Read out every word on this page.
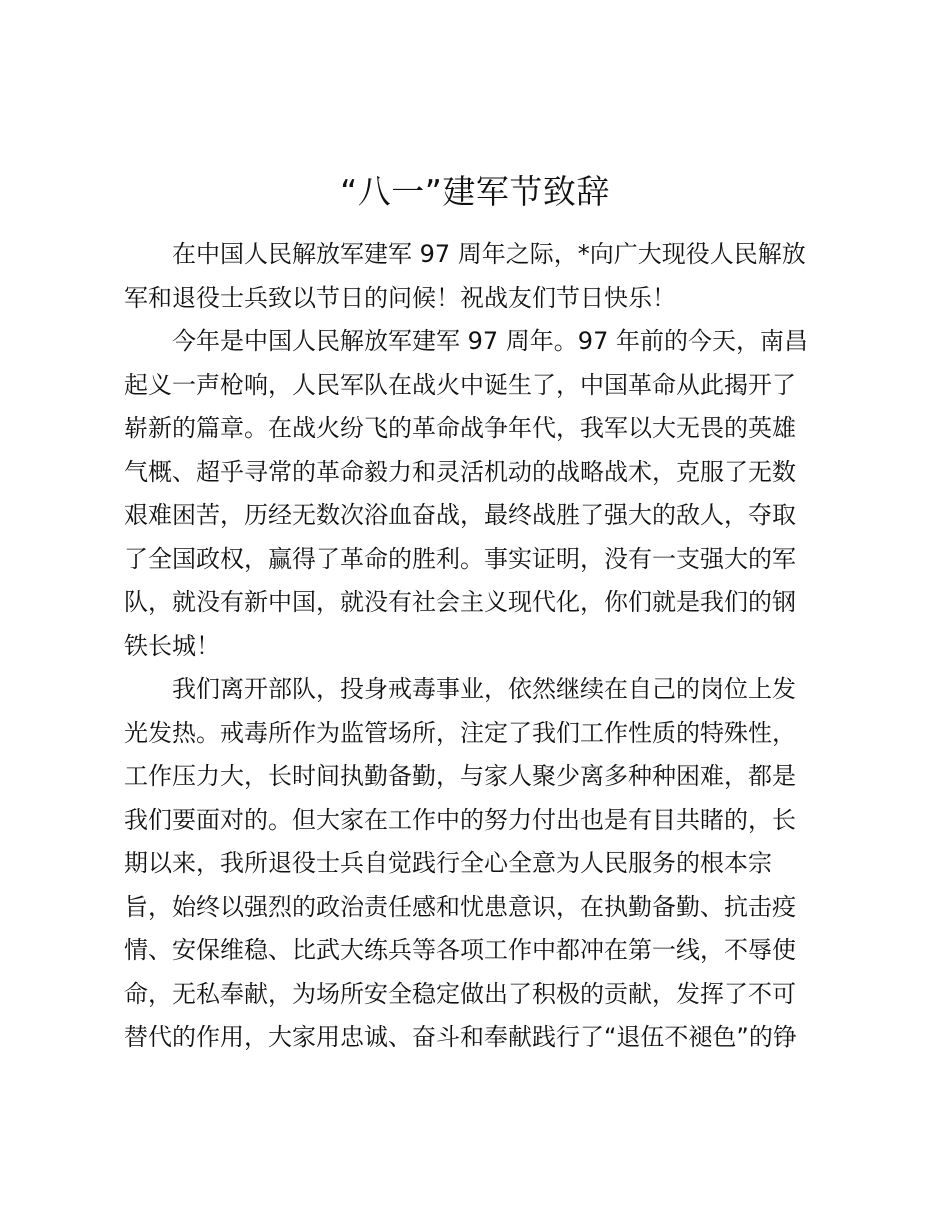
“八一”建军节致辞
在中国人民解放军建军 97 周年之际，*向广大现役人民解放
军和退役士兵致以节日的问候！祝战友们节日快乐！
今年是中国人民解放军建军 97 周年。97 年前的今天，南昌
起义一声枪响，人民军队在战火中诞生了，中国革命从此揭开了
崭新的篇章。在战火纷飞的革命战争年代，我军以大无畏的英雄
气概、超乎寻常的革命毅力和灵活机动的战略战术，克服了无数
艰难困苦，历经无数次浴血奋战，最终战胜了强大的敌人，夺取
了全国政权，赢得了革命的胜利。事实证明，没有一支强大的军
队，就没有新中国，就没有社会主义现代化，你们就是我们的钢
铁长城！
我们离开部队，投身戒毒事业，依然继续在自己的岗位上发
光发热。戒毒所作为监管场所，注定了我们工作性质的特殊性，
工作压力大，长时间执勤备勤，与家人聚少离多种种困难，都是
我们要面对的。但大家在工作中的努力付出也是有目共睹的，长
期以来，我所退役士兵自觉践行全心全意为人民服务的根本宗
旨，始终以强烈的政治责任感和忧患意识，在执勤备勤、抗击疫
情、安保维稳、比武大练兵等各项工作中都冲在第一线，不辱使
命，无私奉献，为场所安全稳定做出了积极的贡献，发挥了不可
替代的作用，大家用忠诚、奋斗和奉献践行了“退伍不褪色”的铮
